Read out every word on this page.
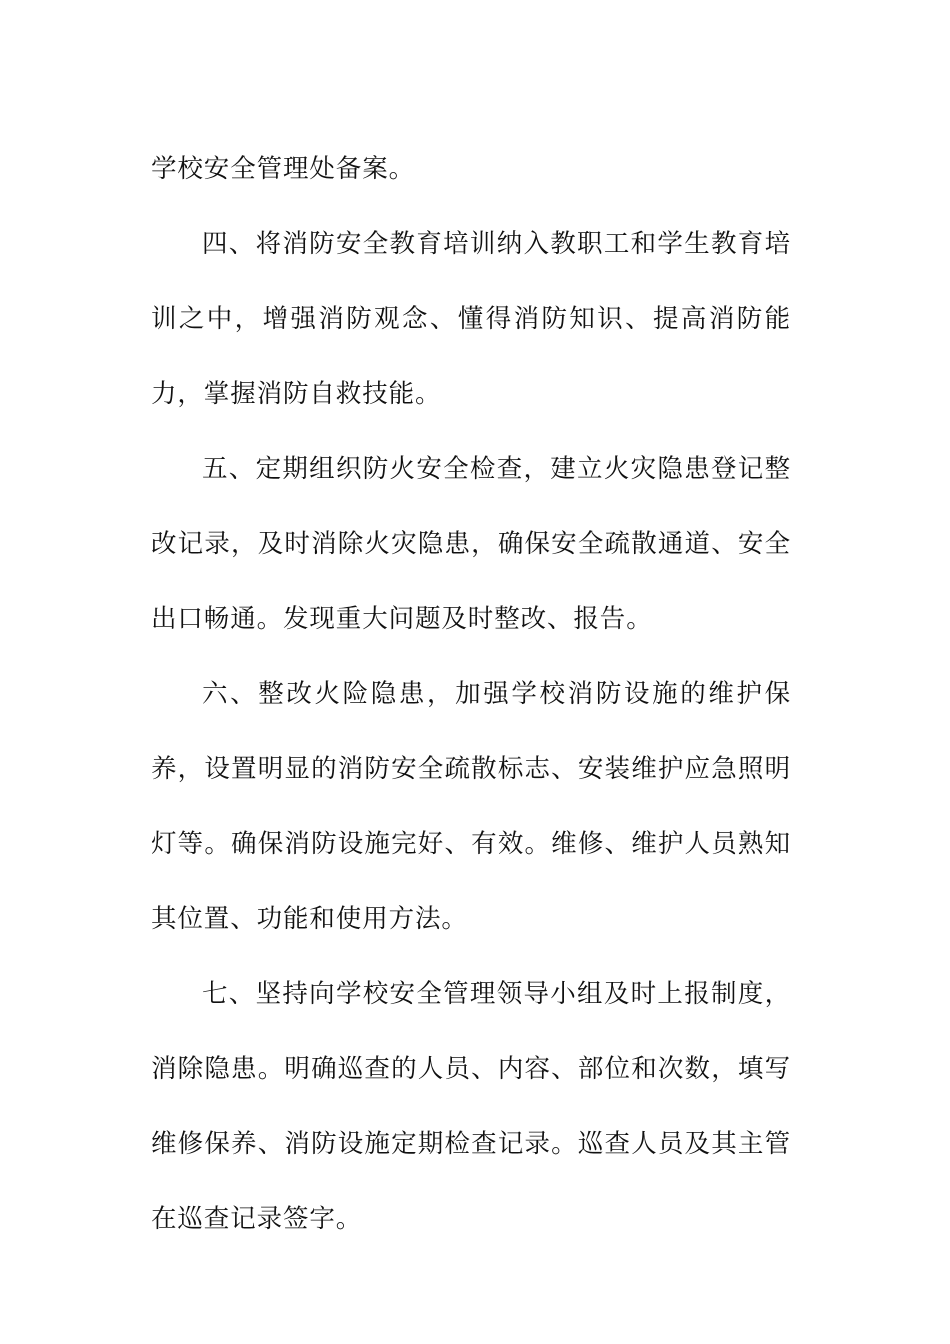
学校安全管理处备案。

四、将消防安全教育培训纳入教职工和学生教育培训之中，增强消防观念、懂得消防知识、提高消防能力，掌握消防自救技能。

五、定期组织防火安全检查，建立火灾隐患登记整改记录，及时消除火灾隐患，确保安全疏散通道、安全出口畅通。发现重大问题及时整改、报告。

六、整改火险隐患，加强学校消防设施的维护保养，设置明显的消防安全疏散标志、安装维护应急照明灯等。确保消防设施完好、有效。维修、维护人员熟知其位置、功能和使用方法。

七、坚持向学校安全管理领导小组及时上报制度，消除隐患。明确巡查的人员、内容、部位和次数，填写维修保养、消防设施定期检查记录。巡查人员及其主管在巡查记录签字。
